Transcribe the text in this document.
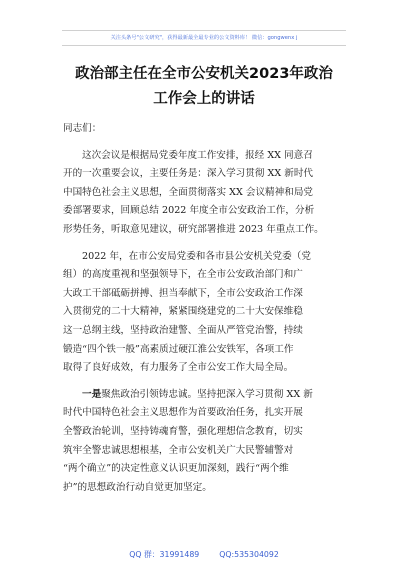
关注头条号"公文研究"，获得最新最全最专业的公文资料库！ 微信：gongwenx j
政治部主任在全市公安机关2023年政治
工作会上的讲话

同志们：

这次会议是根据局党委年度工作安排，报经 XX 同意召
开的一次重要会议，主要任务是：深入学习贯彻 XX 新时代
中国特色社会主义思想，全面贯彻落实 XX 会议精神和局党
委部署要求，回顾总结 2022 年度全市公安政治工作，分析
形势任务，听取意见建议，研究部署推进 2023 年重点工作。

2022 年，在市公安局党委和各市县公安机关党委（党
组）的高度重视和坚强领导下，在全市公安政治部门和广
大政工干部砥砺拼搏、担当奉献下，全市公安政治工作深
入贯彻党的二十大精神，紧紧围绕建党的二十大安保维稳
这一总纲主线，坚持政治建警、全面从严管党治警，持续
锻造“四个铁一般”高素质过硬江淮公安铁军，各项工作
取得了良好成效，有力服务了全市公安工作大局全局。

一是聚焦政治引领铸忠诚。坚持把深入学习贯彻 XX 新
时代中国特色社会主义思想作为首要政治任务，扎实开展
全警政治轮训，坚持铸魂育警，强化理想信念教育，切实
筑牢全警忠诚思想根基，全市公安机关广大民警辅警对
“两个确立”的决定性意义认识更加深刻，践行“两个维
护”的思想政治行动自觉更加坚定。

QQ 群：31991489	QQ:535304092
